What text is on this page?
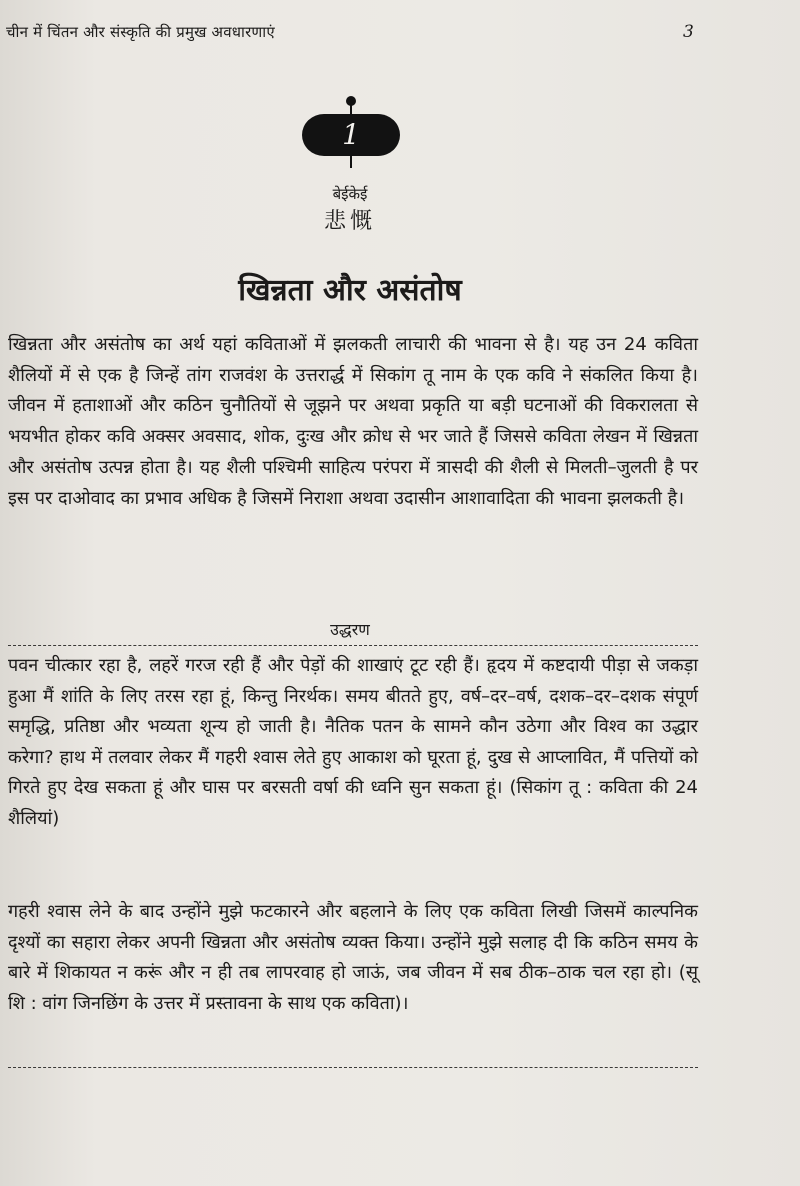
चीन में चिंतन और संस्कृति की प्रमुख अवधारणाएं	3
1
बेईकेई
悲慨
खिन्नता और असंतोष
खिन्नता और असंतोष का अर्थ यहां कविताओं में झलकती लाचारी की भावना से है। यह उन 24 कविता शैलियों में से एक है जिन्हें तांग राजवंश के उत्तरार्द्ध में सिकांग तू नाम के एक कवि ने संकलित किया है। जीवन में हताशाओं और कठिन चुनौतियों से जूझने पर अथवा प्रकृति या बड़ी घटनाओं की विकरालता से भयभीत होकर कवि अक्सर अवसाद, शोक, दुःख और क्रोध से भर जाते हैं जिससे कविता लेखन में खिन्नता और असंतोष उत्पन्न होता है। यह शैली पश्चिमी साहित्य परंपरा में त्रासदी की शैली से मिलती–जुलती है पर इस पर दाओवाद का प्रभाव अधिक है जिसमें निराशा अथवा उदासीन आशावादिता की भावना झलकती है।
उद्धरण
पवन चीत्कार रहा है, लहरें गरज रही हैं और पेड़ों की शाखाएं टूट रही हैं। हृदय में कष्टदायी पीड़ा से जकड़ा हुआ मैं शांति के लिए तरस रहा हूं, किन्तु निरर्थक। समय बीतते हुए, वर्ष–दर–वर्ष, दशक–दर–दशक संपूर्ण समृद्धि, प्रतिष्ठा और भव्यता शून्य हो जाती है। नैतिक पतन के सामने कौन उठेगा और विश्व का उद्धार करेगा? हाथ में तलवार लेकर मैं गहरी श्वास लेते हुए आकाश को घूरता हूं, दुख से आप्लावित, मैं पत्तियों को गिरते हुए देख सकता हूं और घास पर बरसती वर्षा की ध्वनि सुन सकता हूं। (सिकांग तू : कविता की 24 शैलियां)
गहरी श्वास लेने के बाद उन्होंने मुझे फटकारने और बहलाने के लिए एक कविता लिखी जिसमें काल्पनिक दृश्यों का सहारा लेकर अपनी खिन्नता और असंतोष व्यक्त किया। उन्होंने मुझे सलाह दी कि कठिन समय के बारे में शिकायत न करूं और न ही तब लापरवाह हो जाऊं, जब जीवन में सब ठीक–ठाक चल रहा हो। (सू शि : वांग जिनछिंग के उत्तर में प्रस्तावना के साथ एक कविता)।
